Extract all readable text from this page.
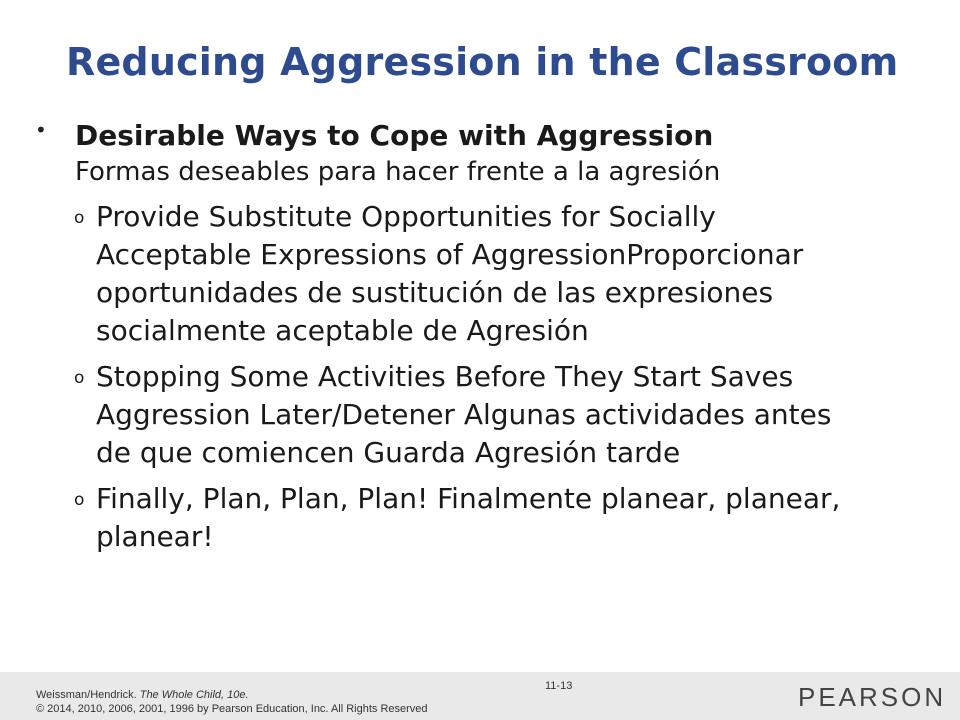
Reducing Aggression in the Classroom
• Desirable Ways to Cope with Aggression
Formas deseables para hacer frente a la agresión
o Provide Substitute Opportunities for Socially Acceptable Expressions of AggressionProporcionar oportunidades de sustitución de las expresiones socialmente aceptable de Agresión
o Stopping Some Activities Before They Start Saves Aggression Later/Detener Algunas actividades antes de que comiencen Guarda Agresión tarde
o Finally, Plan, Plan, Plan! Finalmente planear, planear, planear!
Weissman/Hendrick. The Whole Child, 10e.
© 2014, 2010, 2006, 2001, 1996 by Pearson Education, Inc. All Rights Reserved
11-13	PEARSON
